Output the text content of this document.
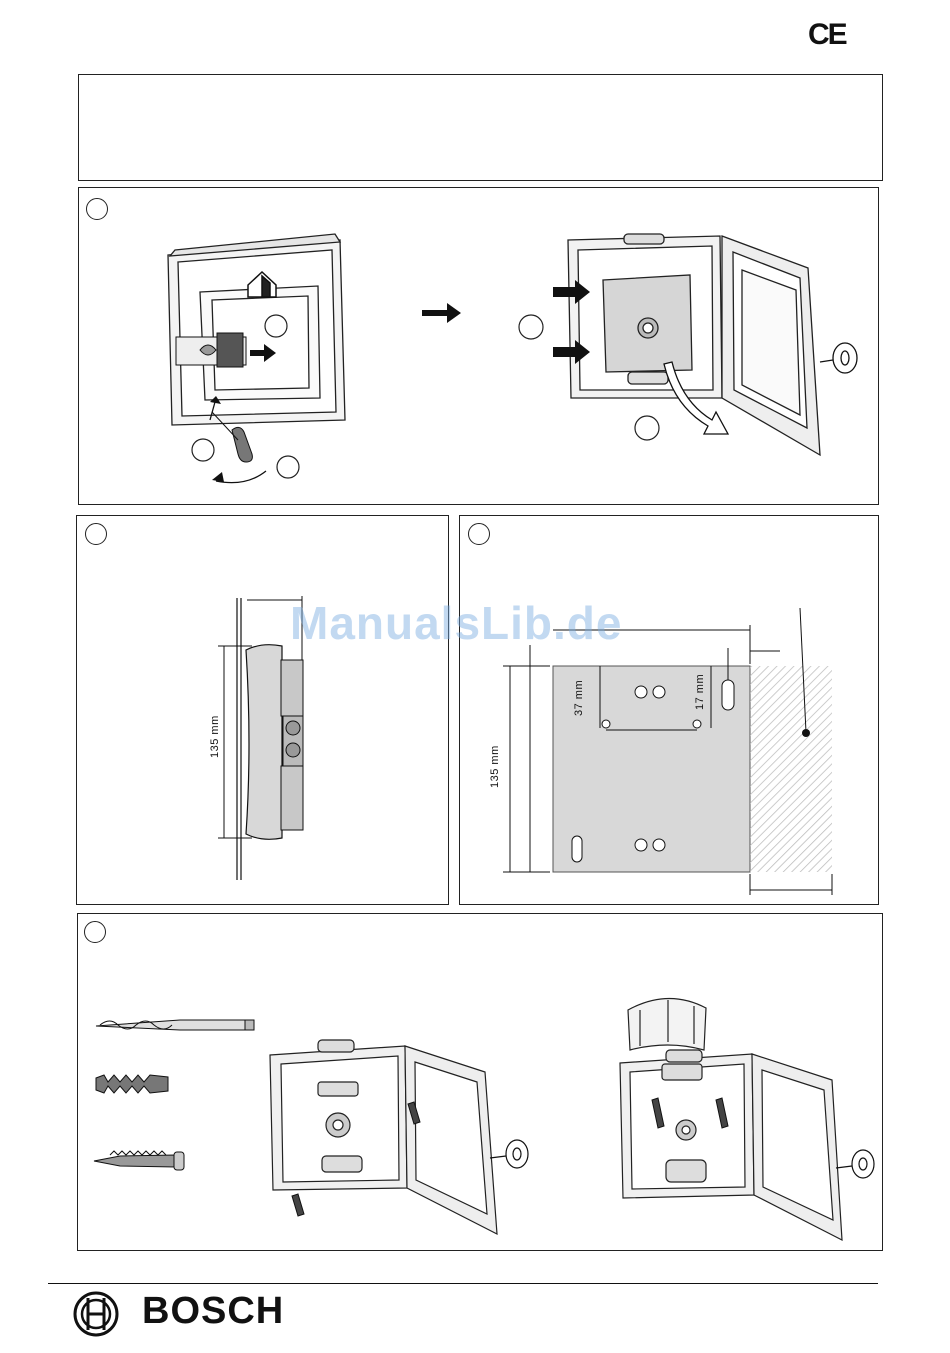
CE
135 mm
135 mm
37 mm	17 mm
ManualsLib.de
BOSCH
